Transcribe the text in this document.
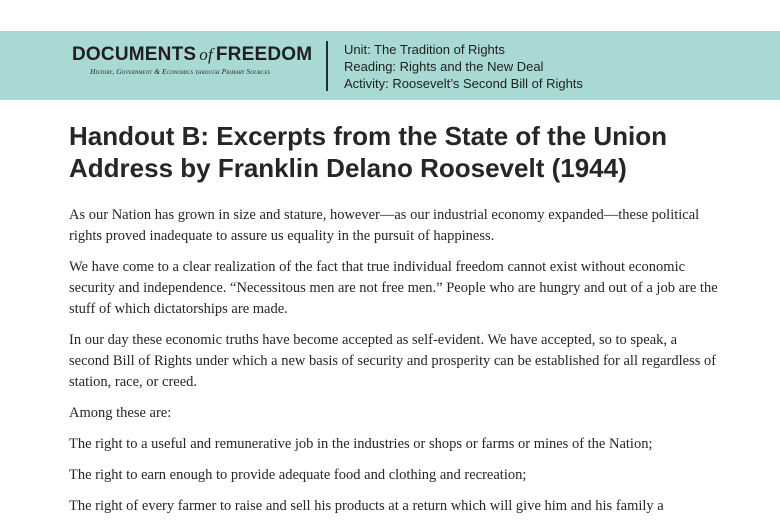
DOCUMENTS of FREEDOM
History, Government & Economics through Primary Sources
Unit: The Tradition of Rights
Reading: Rights and the New Deal
Activity: Roosevelt’s Second Bill of Rights
Handout B: Excerpts from the State of the Union Address by Franklin Delano Roosevelt (1944)

As our Nation has grown in size and stature, however—as our industrial economy expanded—these political rights proved inadequate to assure us equality in the pursuit of happiness.

We have come to a clear realization of the fact that true individual freedom cannot exist without economic security and independence. “Necessitous men are not free men.” People who are hungry and out of a job are the stuff of which dictatorships are made.

In our day these economic truths have become accepted as self-evident. We have accepted, so to speak, a second Bill of Rights under which a new basis of security and prosperity can be established for all regardless of station, race, or creed.

Among these are:

The right to a useful and remunerative job in the industries or shops or farms or mines of the Nation;

The right to earn enough to provide adequate food and clothing and recreation;

The right of every farmer to raise and sell his products at a return which will give him and his family a
